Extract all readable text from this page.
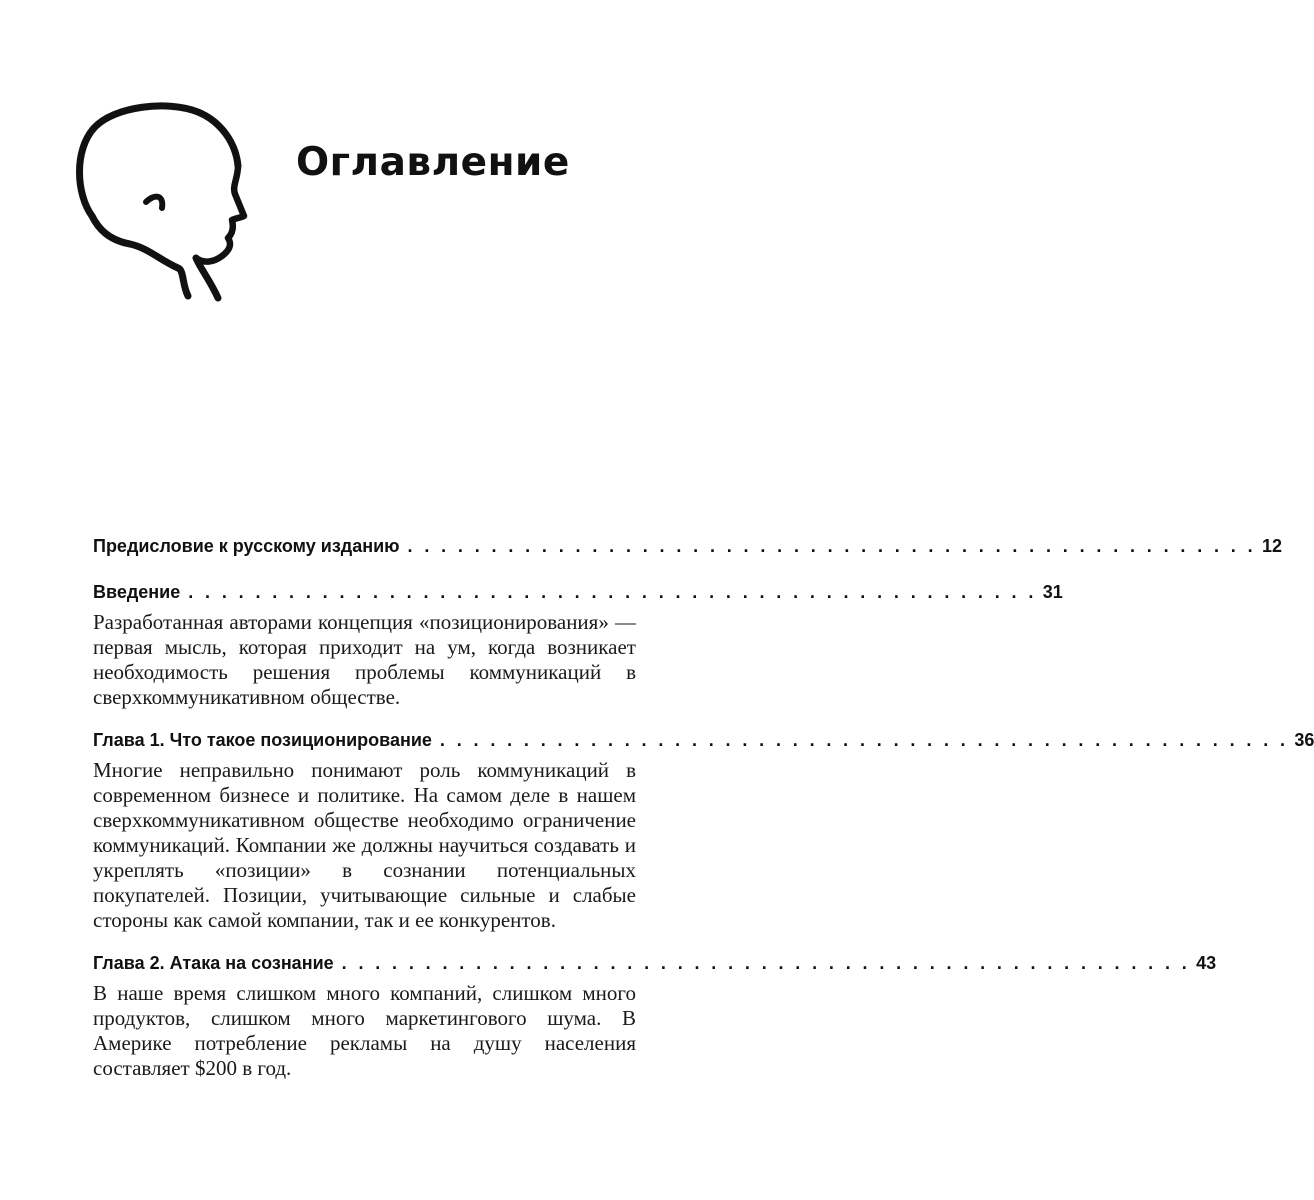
Оглавление
Предисловие к русскому изданию . . . . . . . . . . . . . . . . . . . . . . . . . . . . . . . . . . . . . . . . . . . . . . . . . . . 12
Введение . . . . . . . . . . . . . . . . . . . . . . . . . . . . . . . . . . . . . . . . . . . . . . . . . . . 31

Разработанная авторами концепция «позиционирования» — первая мысль, которая приходит на ум, когда возникает необходимость решения проблемы коммуникаций в сверхкоммуникативном обществе.

Глава 1. Что такое позиционирование . . . . . . . . . . . . . . . . . . . . . . . . . . . . . . . . . . . . . . . . . . . . . . . . . . . 36

Многие неправильно понимают роль коммуникаций в современном бизнесе и политике. На самом деле в нашем сверхкоммуникативном обществе необходимо ограничение коммуникаций. Компании же должны научиться создавать и укреплять «позиции» в сознании потенциальных покупателей. Позиции, учитывающие сильные и слабые стороны как самой компании, так и ее конкурентов.

Глава 2. Атака на сознание . . . . . . . . . . . . . . . . . . . . . . . . . . . . . . . . . . . . . . . . . . . . . . . . . . . 43

В наше время слишком много компаний, слишком много продуктов, слишком много маркетингового шума. В Америке потребление рекламы на душу населения составляет $200 в год.
